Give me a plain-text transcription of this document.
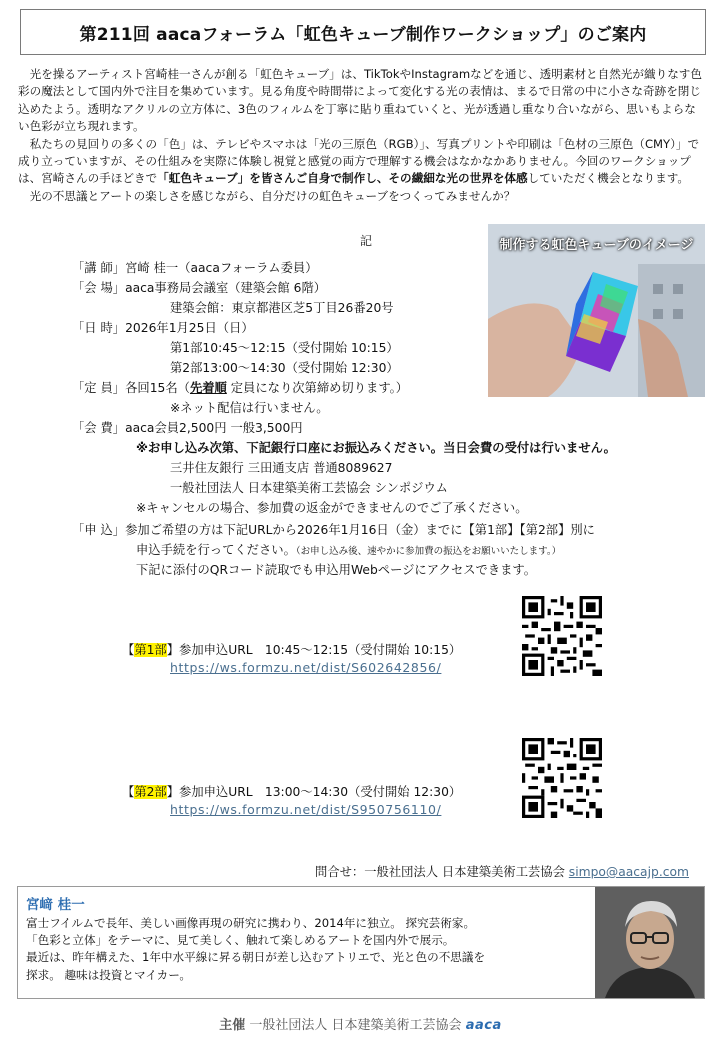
第211回 aacaフォーラム「虹色キューブ制作ワークショップ」のご案内

光を操るアーティスト宮崎桂一さんが創る「虹色キューブ」は、TikTokやInstagramなどを通じ、透明素材と自然光が織りなす色彩の魔法として国内外で注目を集めています。見る角度や時間帯によって変化する光の表情は、まるで日常の中に小さな奇跡を閉じ込めたよう。透明なアクリルの立方体に、3色のフィルムを丁寧に貼り重ねていくと、光が透過し重なり合いながら、思いもよらない色彩が立ち現れます。

私たちの見回りの多くの「色」は、テレビやスマホは「光の三原色（RGB）」、写真プリントや印刷は「色材の三原色（CMY）」で成り立っていますが、その仕組みを実際に体験し視覚と感覚の両方で理解する機会はなかなかありません。今回のワークショップは、宮崎さんの手ほどきで「虹色キューブ」を皆さんご自身で制作し、その繊細な光の世界を体感していただく機会となります。

光の不思議とアートの楽しさを感じながら、自分だけの虹色キューブをつくってみませんか？

記	制作する虹色キューブのイメージ
「講 師」宮崎 桂一（aacaフォーラム委員）
「会 場」aaca事務局会議室（建築会館 6階）
建築会館：東京都港区芝5丁目26番20号
「日 時」2026年1月25日（日）
第1部10:45～12:15（受付開始 10:15）
第2部13:00～14:30（受付開始 12:30）
「定 員」各回15名（先着順 定員になり次第締め切ります。）
※ネット配信は行いません。
「会 費」aaca会員2,500円 一般3,500円
※お申し込み次第、下記銀行口座にお振込みください。当日会費の受付は行いません。
三井住友銀行 三田通支店 普通8089627
一般社団法人 日本建築美術工芸協会 シンポジウム
※キャンセルの場合、参加費の返金ができませんのでご了承ください。
「申 込」参加ご希望の方は下記URLから2026年1月16日（金）までに【第1部】【第2部】別に
申込手続を行ってください。（お申し込み後、速やかに参加費の振込をお願いいたします。）
下記に添付のQRコード読取でも申込用Webページにアクセスできます。
【第1部】参加申込URL　10:45～12:15（受付開始 10:15）
https://ws.formzu.net/dist/S602642856/
【第2部】参加申込URL　13:00～14:30（受付開始 12:30）
https://ws.formzu.net/dist/S950756110/
問合せ：一般社団法人 日本建築美術工芸協会 simpo@aacajp.com
宮﨑 桂一

富士フイルムで長年、美しい画像再現の研究に携わり、2014年に独立。 探究芸術家。

「色彩と立体」をテーマに、見て美しく、触れて楽しめるアートを国内外で展示。

最近は、昨年構えた、1年中水平線に昇る朝日が差し込むアトリエで、光と色の不思議を

探求。 趣味は投資とマイカー。

主催 一般社団法人 日本建築美術工芸協会 aaca
